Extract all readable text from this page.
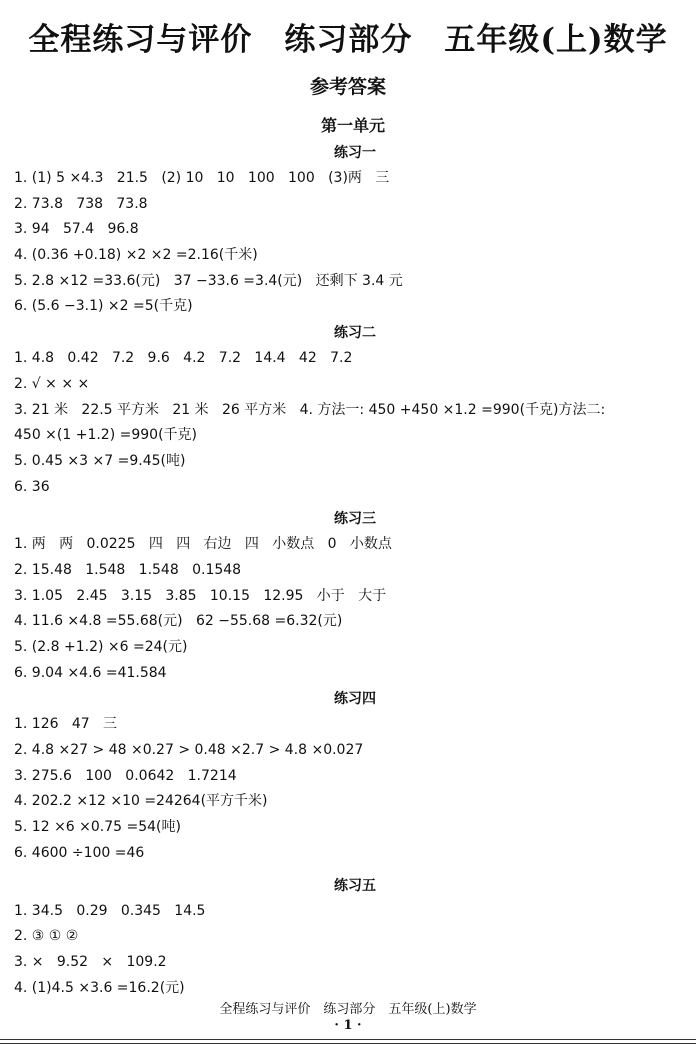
全程练习与评价　练习部分　五年级(上)数学
参考答案
第一单元
练习一
1. (1) 5 ×4.3   21.5   (2) 10   10   100   100   (3)两   三
2. 73.8   738   73.8
3. 94   57.4   96.8
4. (0.36 +0.18) ×2 ×2 =2.16(千米)
5. 2.8 ×12 =33.6(元)   37 −33.6 =3.4(元)   还剩下 3.4 元
6. (5.6 −3.1) ×2 =5(千克)
练习二
1. 4.8   0.42   7.2   9.6   4.2   7.2   14.4   42   7.2
2. √ × × ×
3. 21 米   22.5 平方米   21 米   26 平方米   4. 方法一: 450 +450 ×1.2 =990(千克)方法二:
450 ×(1 +1.2) =990(千克)
5. 0.45 ×3 ×7 =9.45(吨)
6. 36
练习三
1. 两   两   0.0225   四   四   右边   四   小数点   0   小数点
2. 15.48   1.548   1.548   0.1548
3. 1.05   2.45   3.15   3.85   10.15   12.95   小于   大于
4. 11.6 ×4.8 =55.68(元)   62 −55.68 =6.32(元)
5. (2.8 +1.2) ×6 =24(元)
6. 9.04 ×4.6 =41.584
练习四
1. 126   47   三
2. 4.8 ×27 > 48 ×0.27 > 0.48 ×2.7 > 4.8 ×0.027
3. 275.6   100   0.0642   1.7214
4. 202.2 ×12 ×10 =24264(平方千米)
5. 12 ×6 ×0.75 =54(吨)
6. 4600 ÷100 =46
练习五
1. 34.5   0.29   0.345   14.5
2. ③ ① ②
3. ×   9.52   ×   109.2
4. (1)4.5 ×3.6 =16.2(元)
全程练习与评价　练习部分　五年级(上)数学
· 1 ·
